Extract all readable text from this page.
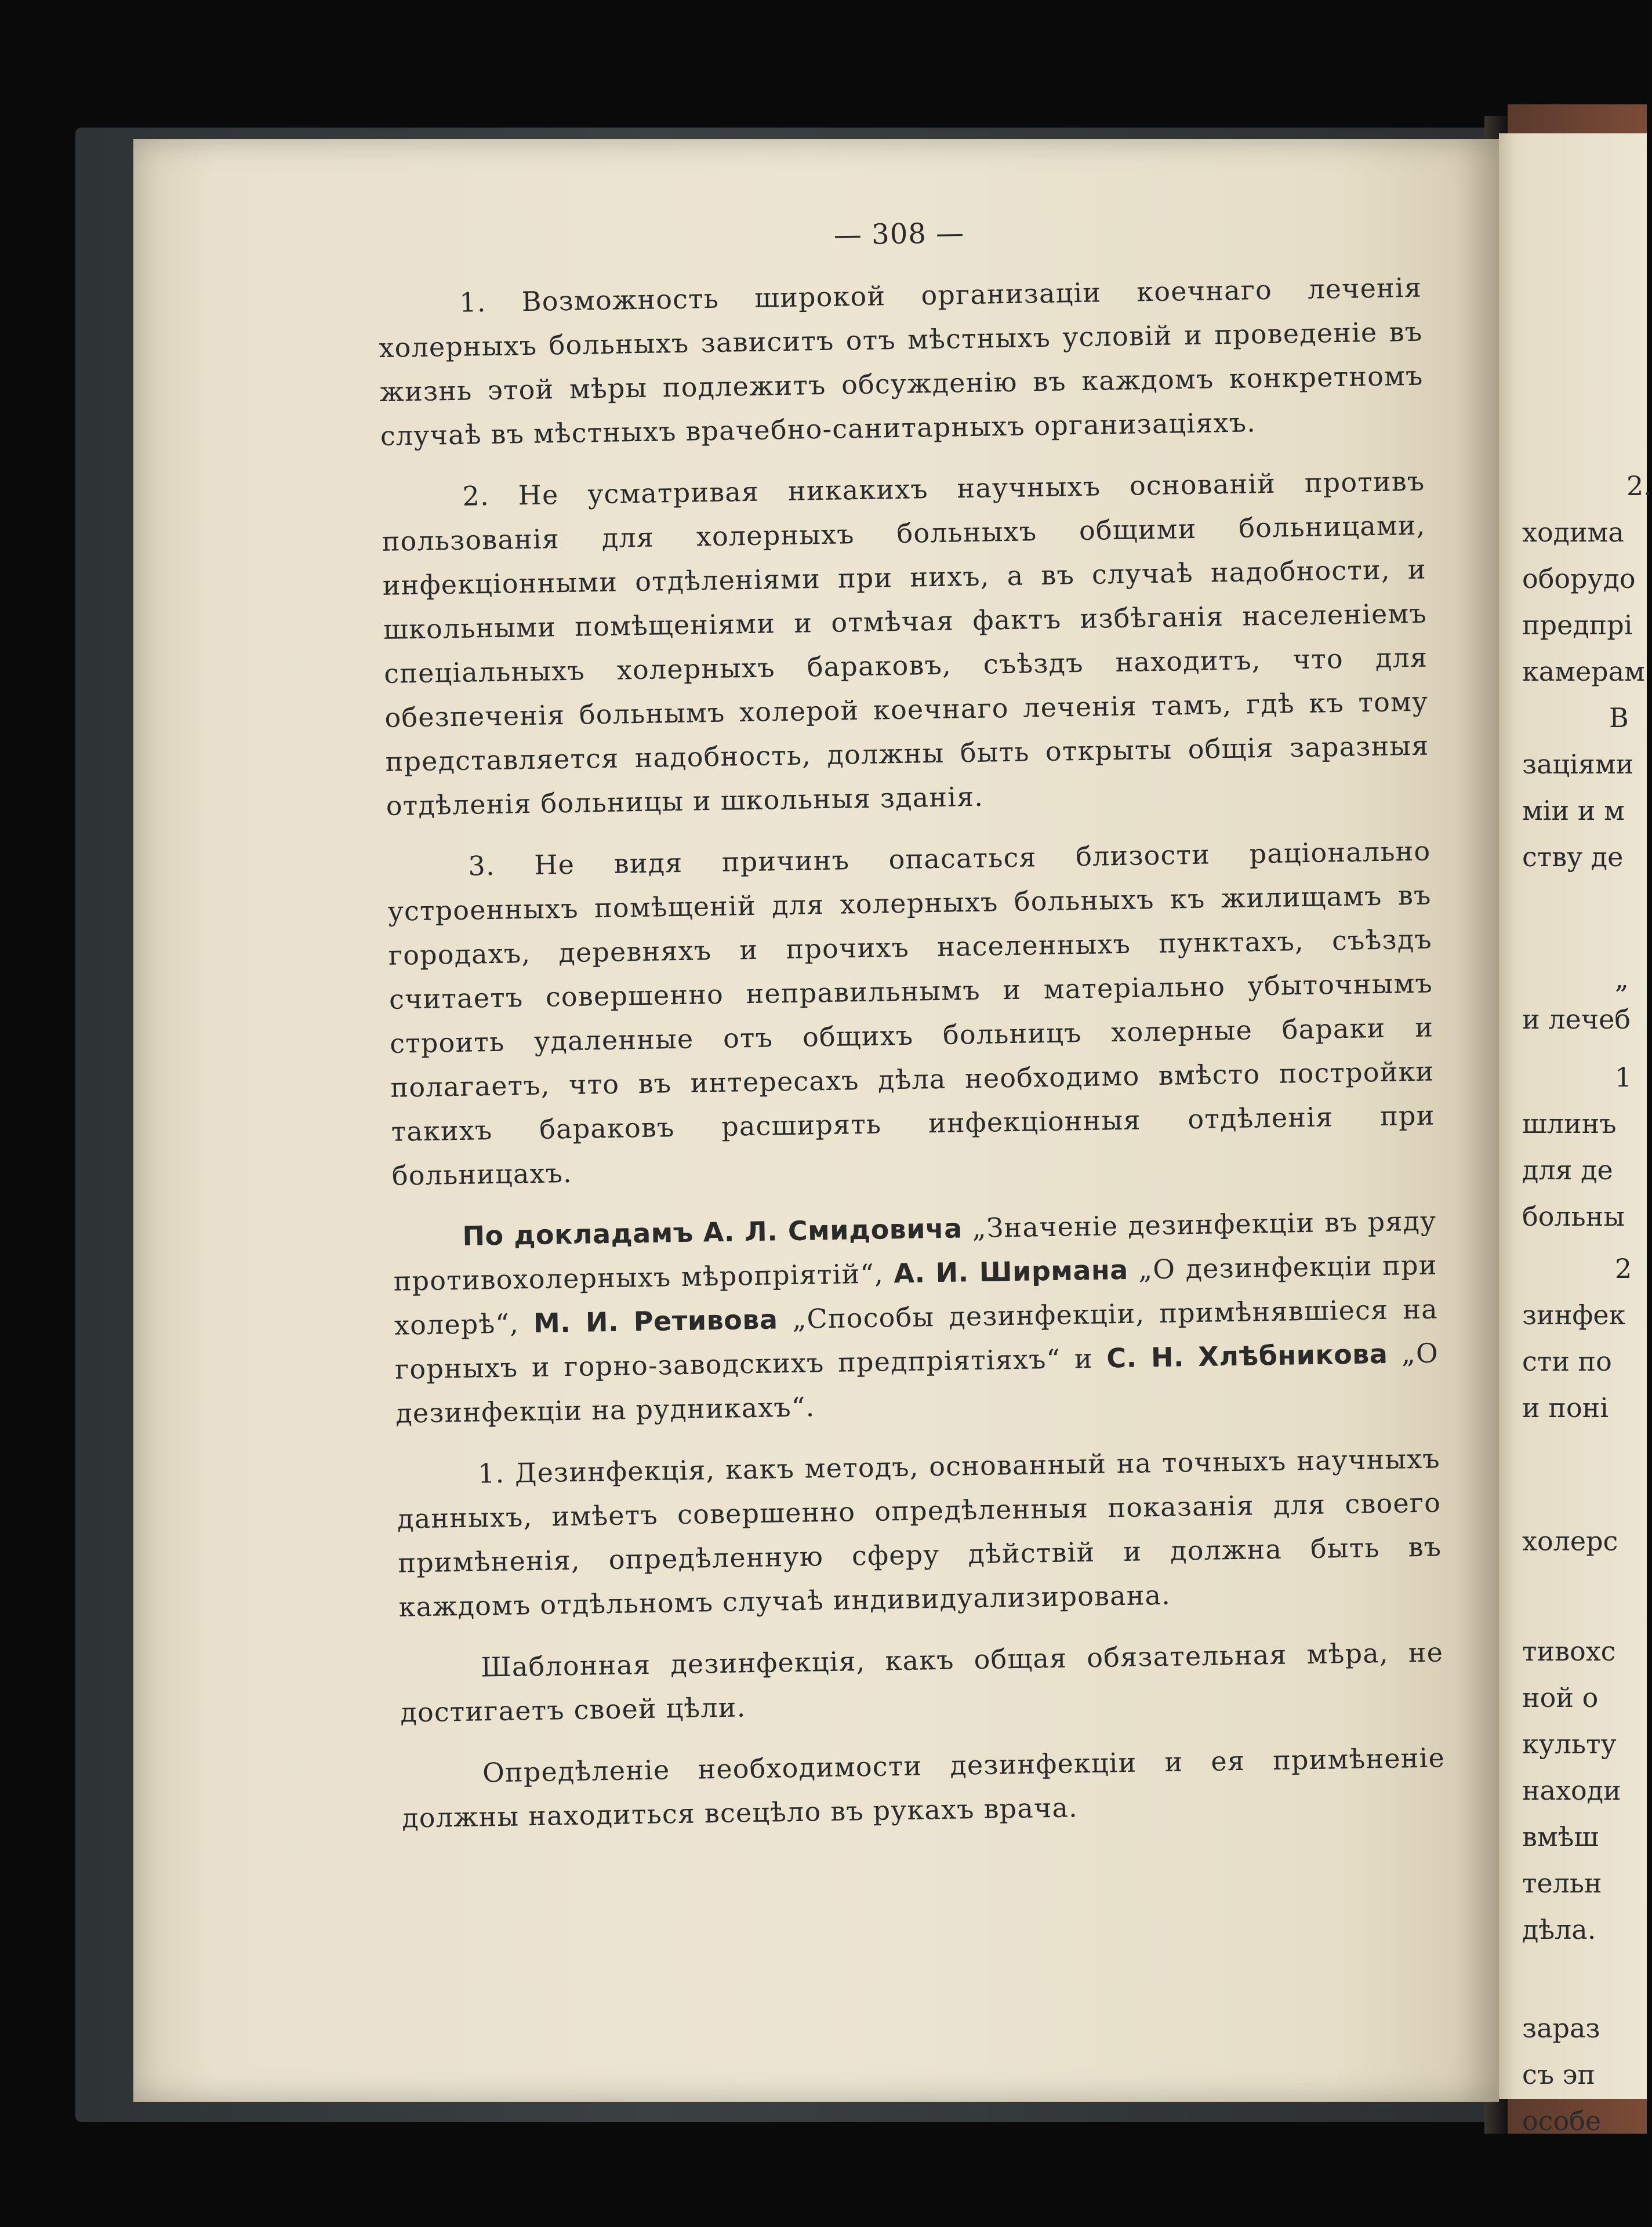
— 308 —

1. Возможность широкой организаціи коечнаго леченія холерныхъ больныхъ зависитъ отъ мѣстныхъ условій и проведеніе въ жизнь этой мѣры подлежитъ обсужденію въ каждомъ конкретномъ случаѣ въ мѣстныхъ врачебно-санитарныхъ организаціяхъ.

2. Не усматривая никакихъ научныхъ основаній противъ пользованія для холерныхъ больныхъ общими больницами, инфекціонными отдѣленіями при нихъ, а въ случаѣ надобности, и школьными помѣщеніями и отмѣчая фактъ избѣганія населеніемъ спеціальныхъ холерныхъ бараковъ, съѣздъ находитъ, что для обезпеченія больнымъ холерой коечнаго леченія тамъ, гдѣ къ тому представляется надобность, должны быть открыты общія заразныя отдѣленія больницы и школьныя зданія.

3. Не видя причинъ опасаться близости раціонально устроенныхъ помѣщеній для холерныхъ больныхъ къ жилищамъ въ городахъ, деревняхъ и прочихъ населенныхъ пунктахъ, съѣздъ считаетъ совершенно неправильнымъ и матеріально убыточнымъ строить удаленные отъ общихъ больницъ холерные бараки и полагаетъ, что въ интересахъ дѣла необходимо вмѣсто постройки такихъ бараковъ расширять инфекціонныя отдѣленія при больницахъ.

По докладамъ А. Л. Смидовича „Значеніе дезинфекціи въ ряду противохолерныхъ мѣропріятій“, А. И. Ширмана „О дезинфекціи при холерѣ“, М. И. Ретивова „Способы дезинфекціи, примѣнявшіеся на горныхъ и горно-заводскихъ предпріятіяхъ“ и С. Н. Хлѣбникова „О дезинфекціи на рудникахъ“.

1. Дезинфекція, какъ методъ, основанный на точныхъ научныхъ данныхъ, имѣетъ совершенно опредѣленныя показанія для своего примѣненія, опредѣленную сферу дѣйствій и должна быть въ каждомъ отдѣльномъ случаѣ индивидуализирована.

Шаблонная дезинфекція, какъ общая обязательная мѣра, не достигаетъ своей цѣли.

Опредѣленіе необходимости дезинфекціи и ея примѣненіе должны находиться всецѣло въ рукахъ врача.

2.
ходима
оборудо
предпрі
камерам
В
заціями
міи и м
ству де
„
и лечеб
1
шлинъ
для де
больны
2
зинфек
сти по
и поні
холерс
тивохс
ной о
культу
находи
вмѣш
тельн
дѣла.
зараз
съ эп
особе
